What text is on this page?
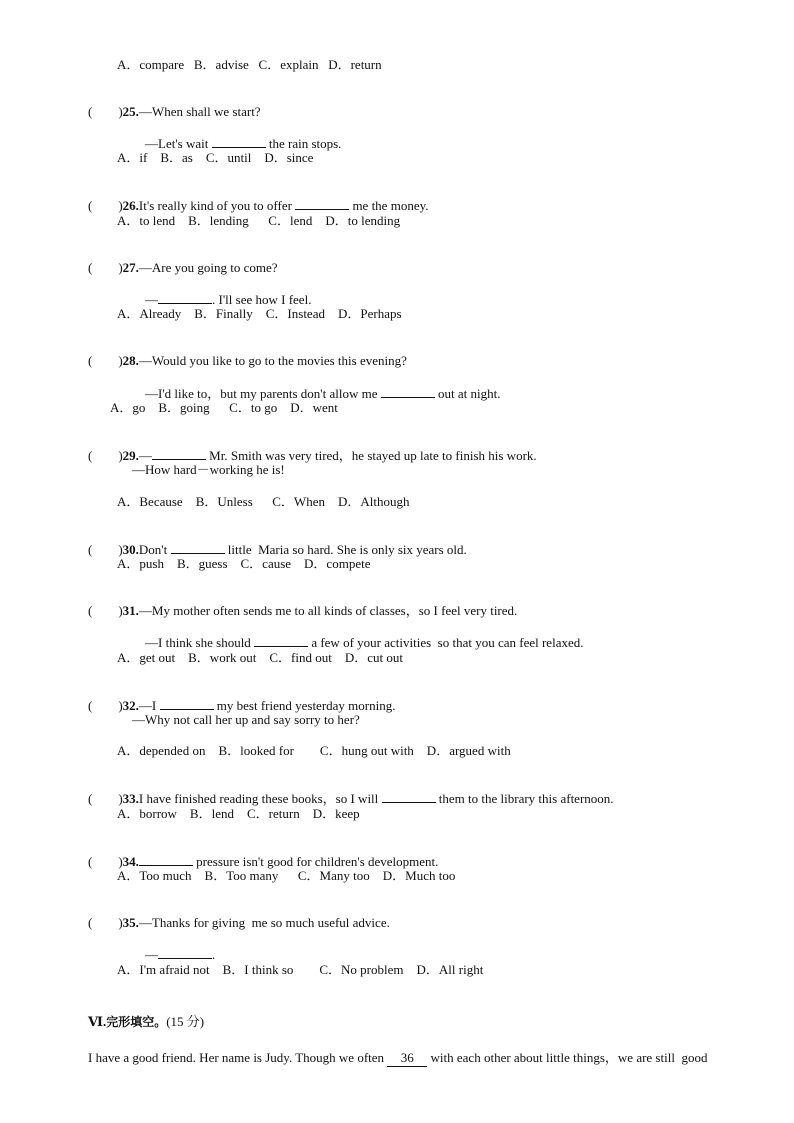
A．compare   B．advise   C．explain   D．return

(        )25.—When shall we start?

—Let's wait	the rain stops.

A．if    B．as    C．until    D．since

(        )26.It's really kind of you to offer	me the money.

A．to lend    B．lending      C．lend    D．to lending

(        )27.—Are you going to come?

—	. I'll see how I feel.

A．Already    B．Finally    C．Instead    D．Perhaps

(        )28.—Would you like to go to the movies this evening?

—I'd like to，but my parents don't allow me	out at night.

A．go    B．going      C．to go    D．went

(        )29.—	Mr. Smith was very tired，he stayed up late to finish his work.

—How hard－working he is!
A．Because    B．Unless      C．When    D．Although

(        )30.Don't	little  Maria so hard. She is only six years old.

A．push    B．guess    C．cause    D．compete

(        )31.—My mother often sends me to all kinds of classes，so I feel very tired.

—I think she should	a few of your activities  so that you can feel relaxed.

A．get out    B．work out    C．find out    D．cut out

(        )32.—I	my best friend yesterday morning.

—Why not call her up and say sorry to her?
A．depended on    B．looked for        C．hung out with    D．argued with

(        )33.I have finished reading these books，so I will	them to the library this afternoon.

A．borrow    B．lend    C．return    D．keep

(        )34.	pressure isn't good for children's development.

A．Too much    B．Too many      C．Many too    D．Much too

(        )35.—Thanks for giving  me so much useful advice.

—	.

A．I'm afraid not    B．I think so        C．No problem    D．All right

Ⅵ.完形填空。(15 分)

I have a good friend. Her name is Judy. Though we often 36 with each other about little things，we are still  good
